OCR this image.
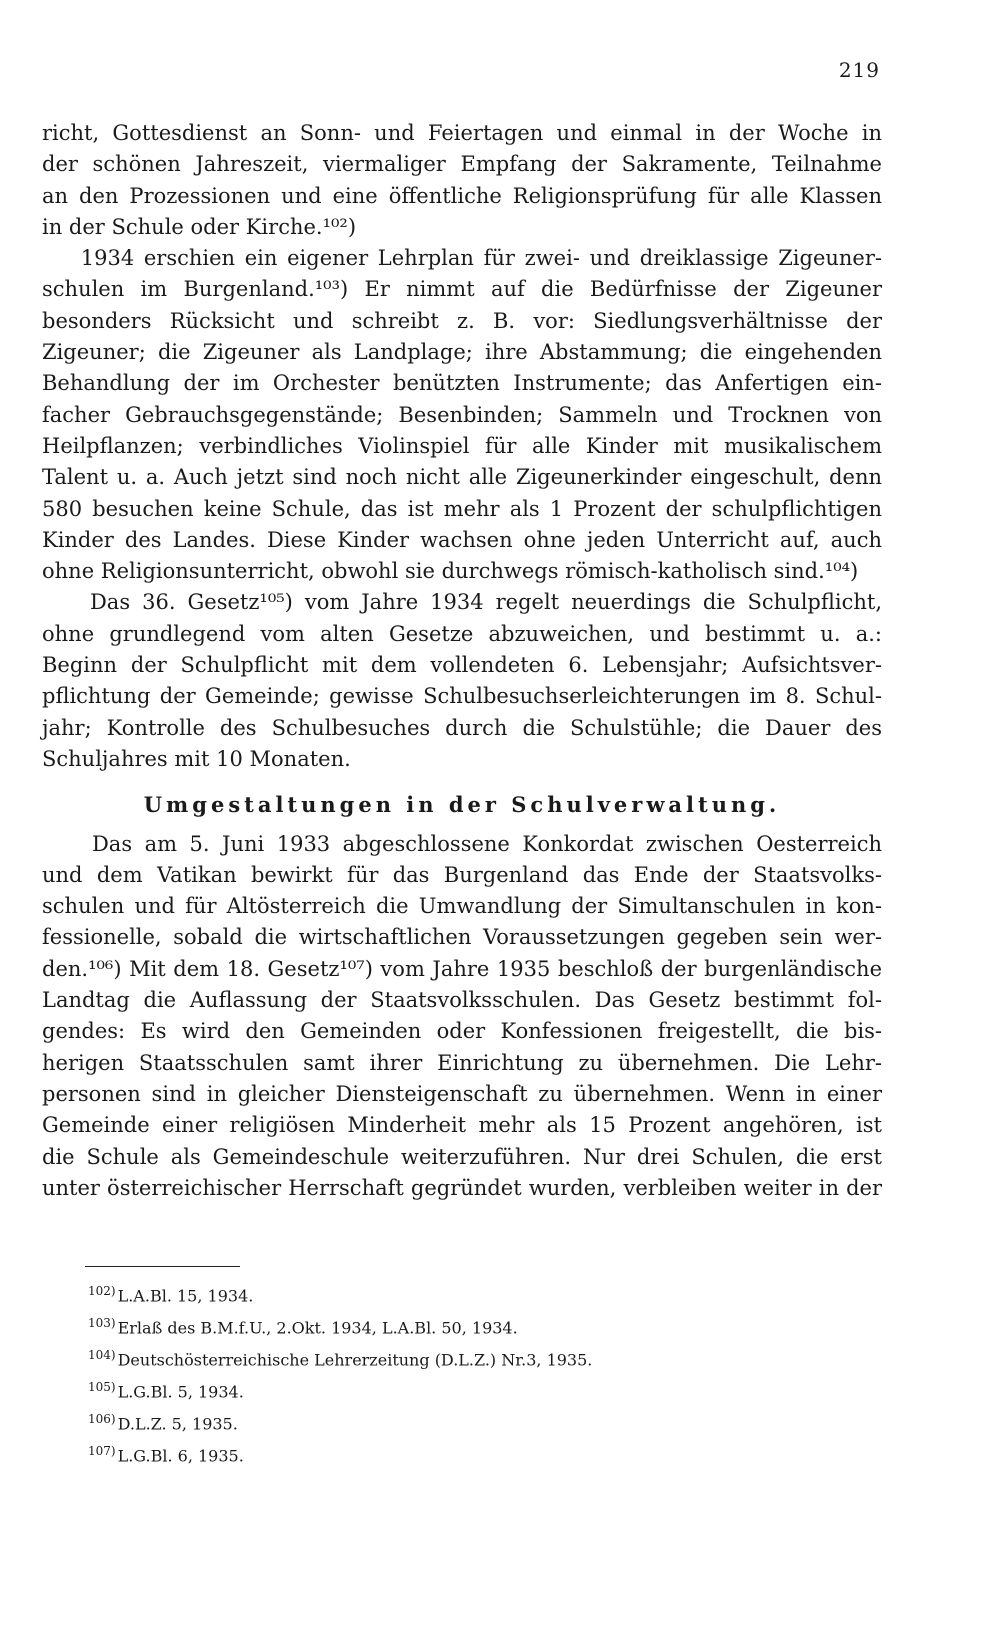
219
richt, Gottesdienst an Sonn- und Feiertagen und einmal in der Woche in
der schönen Jahreszeit, viermaliger Empfang der Sakramente, Teilnahme
an den Prozessionen und eine öffentliche Religionsprüfung für alle Klassen
in der Schule oder Kirche.¹⁰²)
1934 erschien ein eigener Lehrplan für zwei- und dreiklassige Zigeuner-
schulen im Burgenland.¹⁰³) Er nimmt auf die Bedürfnisse der Zigeuner
besonders Rücksicht und schreibt z. B. vor: Siedlungsverhältnisse der
Zigeuner; die Zigeuner als Landplage; ihre Abstammung; die eingehenden
Behandlung der im Orchester benützten Instrumente; das Anfertigen ein-
facher Gebrauchsgegenstände; Besenbinden; Sammeln und Trocknen von
Heilpflanzen; verbindliches Violinspiel für alle Kinder mit musikalischem
Talent u. a. Auch jetzt sind noch nicht alle Zigeunerkinder eingeschult, denn
580 besuchen keine Schule, das ist mehr als 1 Prozent der schulpflichtigen
Kinder des Landes. Diese Kinder wachsen ohne jeden Unterricht auf, auch
ohne Religionsunterricht, obwohl sie durchwegs römisch-katholisch sind.¹⁰⁴)
Das 36. Gesetz¹⁰⁵) vom Jahre 1934 regelt neuerdings die Schulpflicht,
ohne grundlegend vom alten Gesetze abzuweichen, und bestimmt u. a.:
Beginn der Schulpflicht mit dem vollendeten 6. Lebensjahr; Aufsichtsver-
pflichtung der Gemeinde; gewisse Schulbesuchserleichterungen im 8. Schul-
jahr; Kontrolle des Schulbesuches durch die Schulstühle; die Dauer des
Schuljahres mit 10 Monaten.
Umgestaltungen in der Schulverwaltung.
Das am 5. Juni 1933 abgeschlossene Konkordat zwischen Oesterreich
und dem Vatikan bewirkt für das Burgenland das Ende der Staatsvolks-
schulen und für Altösterreich die Umwandlung der Simultanschulen in kon-
fessionelle, sobald die wirtschaftlichen Voraussetzungen gegeben sein wer-
den.¹⁰⁶) Mit dem 18. Gesetz¹⁰⁷) vom Jahre 1935 beschloß der burgenländische
Landtag die Auflassung der Staatsvolksschulen. Das Gesetz bestimmt fol-
gendes: Es wird den Gemeinden oder Konfessionen freigestellt, die bis-
herigen Staatsschulen samt ihrer Einrichtung zu übernehmen. Die Lehr-
personen sind in gleicher Diensteigenschaft zu übernehmen. Wenn in einer
Gemeinde einer religiösen Minderheit mehr als 15 Prozent angehören, ist
die Schule als Gemeindeschule weiterzuführen. Nur drei Schulen, die erst
unter österreichischer Herrschaft gegründet wurden, verbleiben weiter in der
$^{102)}$ L.A.Bl. 15, 1934.
$^{103)}$ Erlaß des B.M.f.U., 2.Okt. 1934, L.A.Bl. 50, 1934.
$^{104)}$ Deutschösterreichische Lehrerzeitung (D.L.Z.) Nr.3, 1935.
$^{105)}$ L.G.Bl. 5, 1934.
$^{106)}$ D.L.Z. 5, 1935.
$^{107)}$ L.G.Bl. 6, 1935.
